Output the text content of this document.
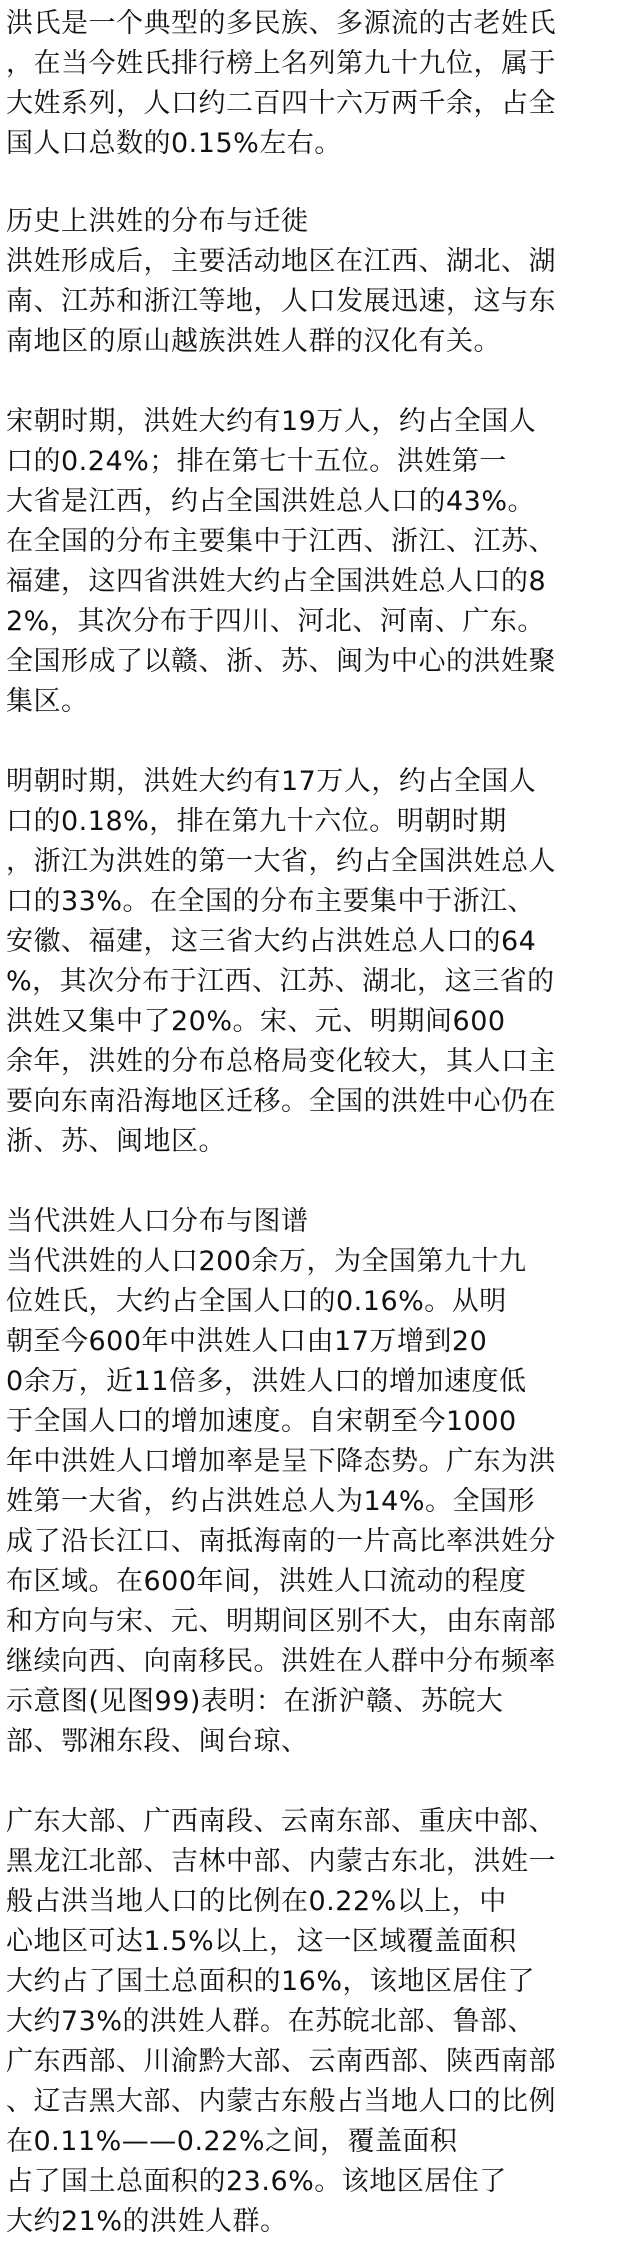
洪氏是一个典型的多民族、多源流的古老姓氏
，在当今姓氏排行榜上名列第九十九位，属于
大姓系列，人口约二百四十六万两千余，占全
国人口总数的0.15%左右。
历史上洪姓的分布与迁徙
洪姓形成后，主要活动地区在江西、湖北、湖
南、江苏和浙江等地，人口发展迅速，这与东
南地区的原山越族洪姓人群的汉化有关。
宋朝时期，洪姓大约有19万人，约占全国人
口的0.24%；排在第七十五位。洪姓第一
大省是江西，约占全国洪姓总人口的43%。
在全国的分布主要集中于江西、浙江、江苏、
福建，这四省洪姓大约占全国洪姓总人口的8
2%，其次分布于四川、河北、河南、广东。
全国形成了以赣、浙、苏、闽为中心的洪姓聚
集区。
明朝时期，洪姓大约有17万人，约占全国人
口的0.18%，排在第九十六位。明朝时期
，浙江为洪姓的第一大省，约占全国洪姓总人
口的33%。在全国的分布主要集中于浙江、
安徽、福建，这三省大约占洪姓总人口的64
%，其次分布于江西、江苏、湖北，这三省的
洪姓又集中了20%。宋、元、明期间600
余年，洪姓的分布总格局变化较大，其人口主
要向东南沿海地区迁移。全国的洪姓中心仍在
浙、苏、闽地区。
当代洪姓人口分布与图谱
当代洪姓的人口200余万，为全国第九十九
位姓氏，大约占全国人口的0.16%。从明
朝至今600年中洪姓人口由17万增到20
0余万，近11倍多，洪姓人口的增加速度低
于全国人口的增加速度。自宋朝至今1000
年中洪姓人口增加率是呈下降态势。广东为洪
姓第一大省，约占洪姓总人为14%。全国形
成了沿长江口、南抵海南的一片高比率洪姓分
布区域。在600年间，洪姓人口流动的程度
和方向与宋、元、明期间区别不大，由东南部
继续向西、向南移民。洪姓在人群中分布频率
示意图(见图99)表明：在浙沪赣、苏皖大
部、鄂湘东段、闽台琼、
广东大部、广西南段、云南东部、重庆中部、
黑龙江北部、吉林中部、内蒙古东北，洪姓一
般占洪当地人口的比例在0.22%以上，中
心地区可达1.5%以上，这一区域覆盖面积
大约占了国土总面积的16%，该地区居住了
大约73%的洪姓人群。在苏皖北部、鲁部、
广东西部、川渝黔大部、云南西部、陕西南部
、辽吉黑大部、内蒙古东般占当地人口的比例
在0.11%——0.22%之间，覆盖面积
占了国土总面积的23.6%。该地区居住了
大约21%的洪姓人群。
